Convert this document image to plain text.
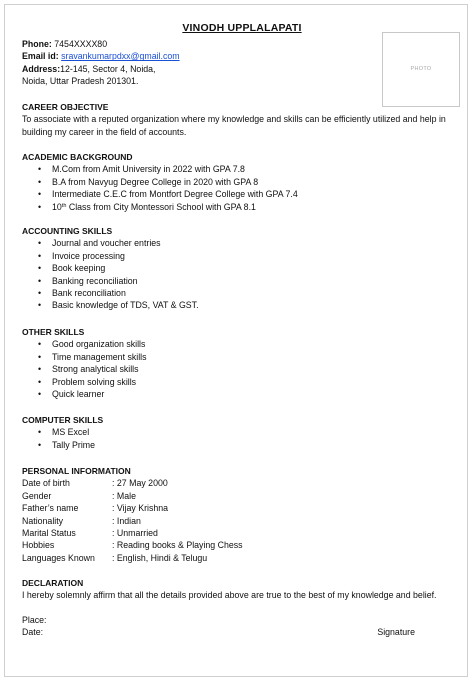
VINODH UPPLALAPATI
Phone: 7454XXXX80
Email id: sravankumarpdxx@gmail.com
Address:12-145, Sector 4, Noida,
Noida, Uttar Pradesh 201301.
PHOTO
CAREER OBJECTIVE

To associate with a reputed organization where my knowledge and skills can be efficiently utilized and help in building my career in the field of accounts.

ACADEMIC BACKGROUND
• M.Com from Amit University in 2022 with GPA 7.8
• B.A from Navyug Degree College in 2020 with GPA 8
• Intermediate C.E.C from Montfort Degree College with GPA 7.4
• 10th Class from City Montessori School with GPA 8.1
ACCOUNTING SKILLS
• Journal and voucher entries
• Invoice processing
• Book keeping
• Banking reconciliation
• Bank reconciliation
• Basic knowledge of TDS, VAT & GST.
OTHER SKILLS
• Good organization skills
• Time management skills
• Strong analytical skills
• Problem solving skills
• Quick learner
COMPUTER SKILLS
• MS Excel
• Tally Prime
PERSONAL INFORMATION
Date of birth	: 27 May 2000
Gender	: Male
Father’s name	: Vijay Krishna
Nationality	: Indian
Marital Status	: Unmarried
Hobbies	: Reading books & Playing Chess
Languages Known	: English, Hindi & Telugu
DECLARATION

I hereby solemnly affirm that all the details provided above are true to the best of my knowledge and belief.

Place:
Date:	Signature
